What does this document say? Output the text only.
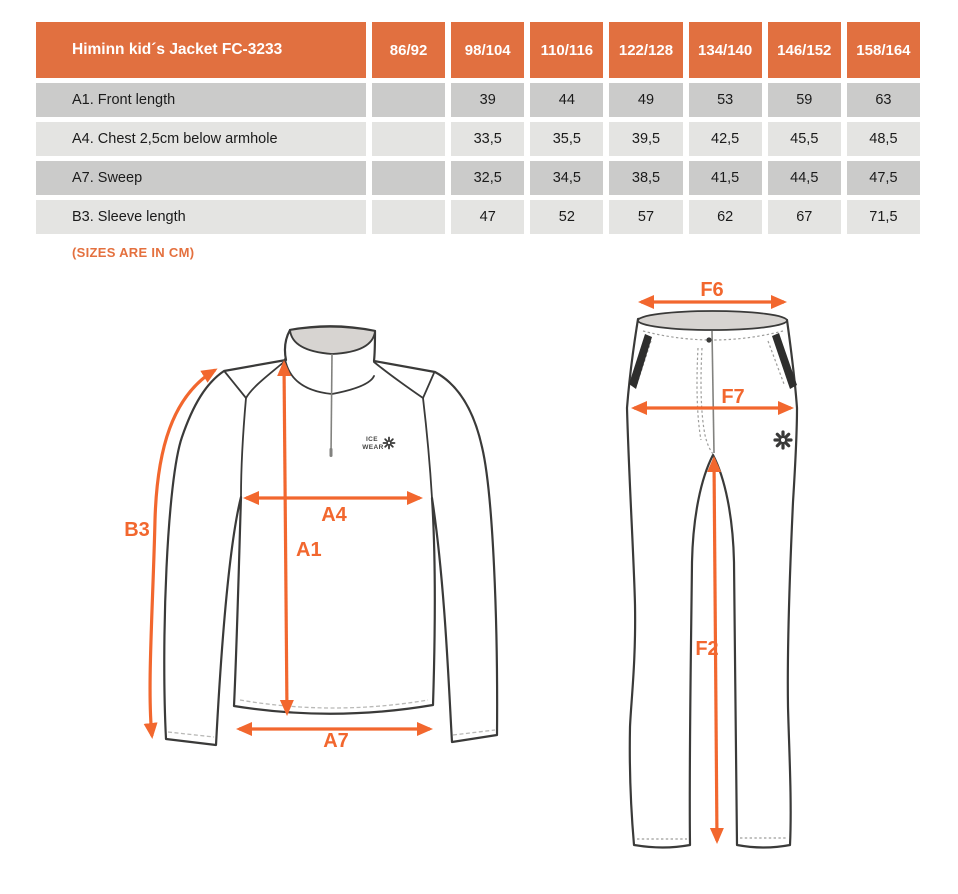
Himinn kid´s Jacket FC-3233	86/92	98/104	110/116	122/128	134/140	146/152	158/164
A1. Front length		39	44	49	53	59	63
A4. Chest 2,5cm below armhole		33,5	35,5	39,5	42,5	45,5	48,5
A7. Sweep		32,5	34,5	38,5	41,5	44,5	47,5
B3. Sleeve length		47	52	57	62	67	71,5
(SIZES ARE IN CM)
ICE
WEAR
B3
A1
A4
A7
F6
F7
F2
